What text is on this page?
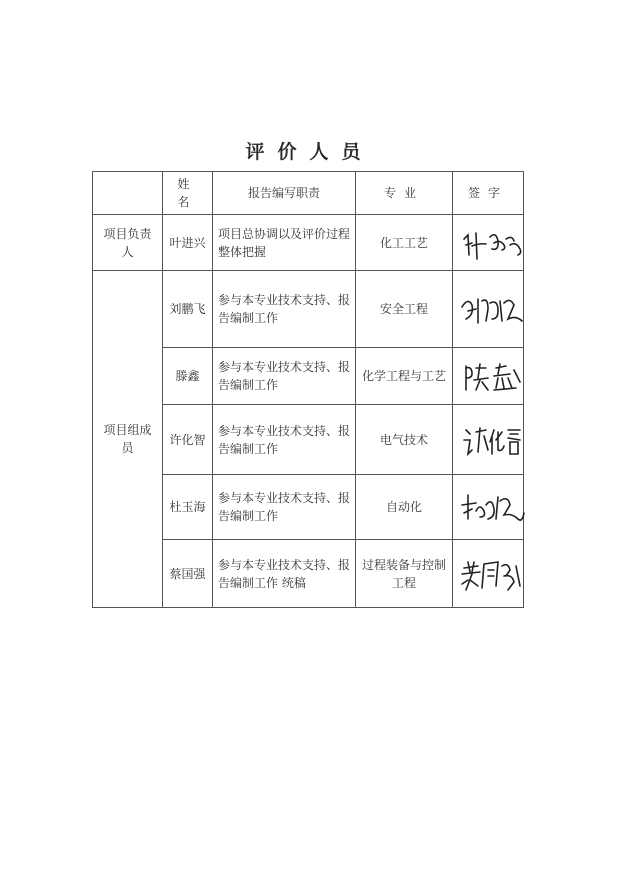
评价人员
	姓名	报告编写职责	专业	签字
项目负责人	叶进兴	项目总协调以及评价过程整体把握	化工工艺	

项目组成员	刘鹏飞	参与本专业技术支持、报告编制工作	安全工程	

	滕鑫	参与本专业技术支持、报告编制工作	化学工程与工艺	

	许化智	参与本专业技术支持、报告编制工作	电气技术	

	杜玉海	参与本专业技术支持、报告编制工作	自动化	

	蔡国强	参与本专业技术支持、报告编制工作 统稿	过程装备与控制工程	
